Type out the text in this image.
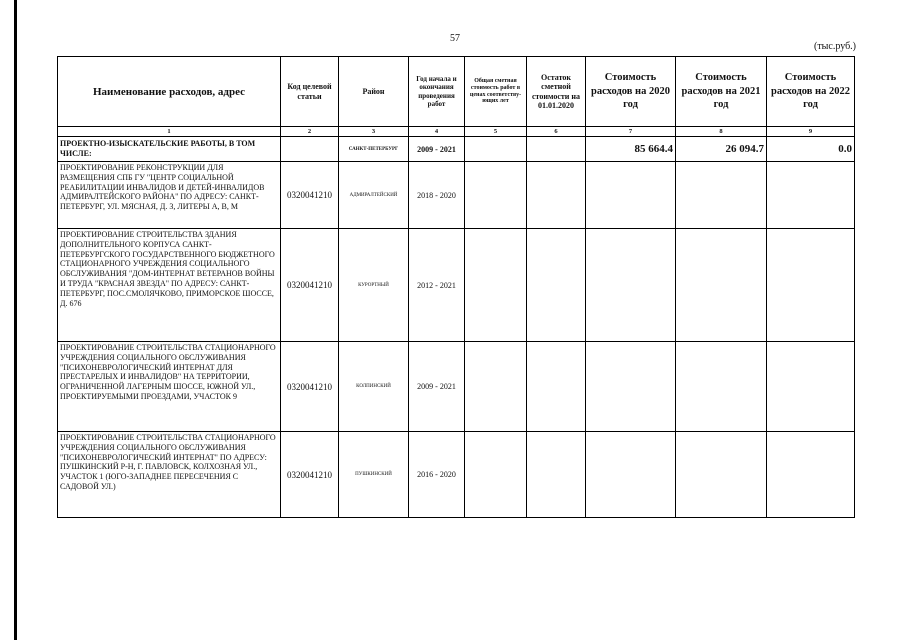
57
(тыс.руб.)
Наименование расходов, адрес	Код целевой статьи	Район	Год начала и окончания проведения работ	Общая сметная стоимость работ в ценах соответству-ющих лет	Остаток сметной стоимости на 01.01.2020	Стоимость расходов на 2020 год	Стоимость расходов на 2021 год	Стоимость расходов на 2022 год
1	2	3	4	5	6	7	8	9
ПРОЕКТНО-ИЗЫСКАТЕЛЬСКИЕ РАБОТЫ, В ТОМ ЧИСЛЕ:		САНКТ-ПЕТЕРБУРГ	2009 - 2021			85 664.4	26 094.7	0.0
ПРОЕКТИРОВАНИЕ РЕКОНСТРУКЦИИ ДЛЯ РАЗМЕЩЕНИЯ СПБ ГУ "ЦЕНТР СОЦИАЛЬНОЙ РЕАБИЛИТАЦИИ ИНВАЛИДОВ И ДЕТЕЙ-ИНВАЛИДОВ АДМИРАЛТЕЙСКОГО РАЙОНА" ПО АДРЕСУ: САНКТ-ПЕТЕРБУРГ, УЛ. МЯСНАЯ, Д. 3, ЛИТЕРЫ А, В, М	0320041210	АДМИРАЛТЕЙСКИЙ	2018 - 2020					
ПРОЕКТИРОВАНИЕ СТРОИТЕЛЬСТВА ЗДАНИЯ ДОПОЛНИТЕЛЬНОГО КОРПУСА САНКТ-ПЕТЕРБУРГСКОГО ГОСУДАРСТВЕННОГО БЮДЖЕТНОГО СТАЦИОНАРНОГО УЧРЕЖДЕНИЯ СОЦИАЛЬНОГО ОБСЛУЖИВАНИЯ "ДОМ-ИНТЕРНАТ ВЕТЕРАНОВ ВОЙНЫ И ТРУДА "КРАСНАЯ ЗВЕЗДА" ПО АДРЕСУ: САНКТ-ПЕТЕРБУРГ, ПОС.СМОЛЯЧКОВО, ПРИМОРСКОЕ ШОССЕ, Д. 676	0320041210	КУРОРТНЫЙ	2012 - 2021					
ПРОЕКТИРОВАНИЕ СТРОИТЕЛЬСТВА СТАЦИОНАРНОГО УЧРЕЖДЕНИЯ СОЦИАЛЬНОГО ОБСЛУЖИВАНИЯ "ПСИХОНЕВРОЛОГИЧЕСКИЙ ИНТЕРНАТ ДЛЯ ПРЕСТАРЕЛЫХ И ИНВАЛИДОВ" НА ТЕРРИТОРИИ, ОГРАНИЧЕННОЙ ЛАГЕРНЫМ ШОССЕ, ЮЖНОЙ УЛ., ПРОЕКТИРУЕМЫМИ ПРОЕЗДАМИ, УЧАСТОК 9	0320041210	КОЛПИНСКИЙ	2009 - 2021					
ПРОЕКТИРОВАНИЕ СТРОИТЕЛЬСТВА СТАЦИОНАРНОГО УЧРЕЖДЕНИЯ СОЦИАЛЬНОГО ОБСЛУЖИВАНИЯ "ПСИХОНЕВРОЛОГИЧЕСКИЙ ИНТЕРНАТ" ПО АДРЕСУ: ПУШКИНСКИЙ Р-Н, Г. ПАВЛОВСК, КОЛХОЗНАЯ УЛ., УЧАСТОК 1 (ЮГО-ЗАПАДНЕЕ ПЕРЕСЕЧЕНИЯ С САДОВОЙ УЛ.)	0320041210	ПУШКИНСКИЙ	2016 - 2020					
